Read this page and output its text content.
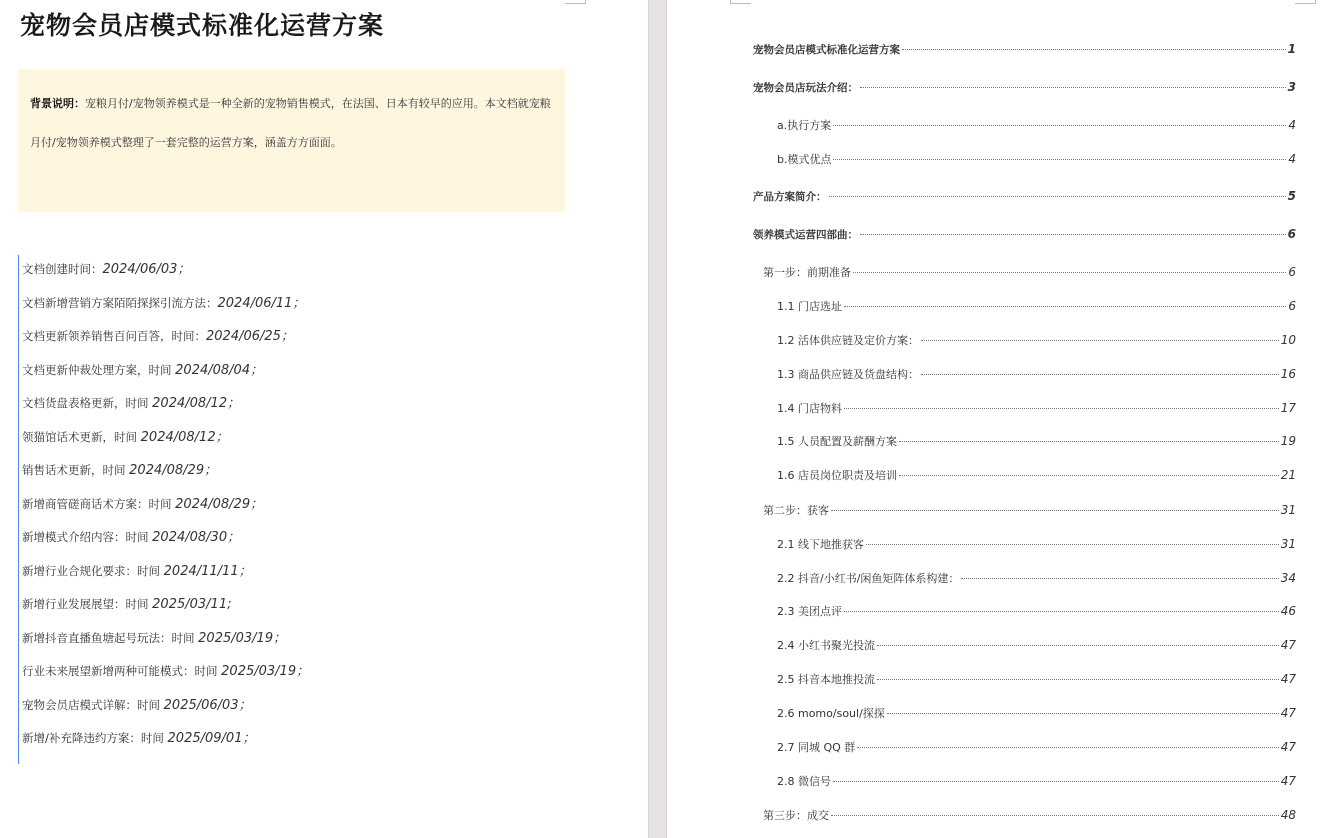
宠物会员店模式标准化运营方案
背景说明：宠粮月付/宠物领养模式是一种全新的宠物销售模式，在法国、日本有较早的应用。本文档就宠粮月付/宠物领养模式整理了一套完整的运营方案，涵盖方方面面。
文档创建时间：2024/06/03；
文档新增营销方案陌陌探探引流方法：2024/06/11；
文档更新领养销售百问百答，时间：2024/06/25；
文档更新仲裁处理方案，时间 2024/08/04；
文档货盘表格更新，时间 2024/08/12；
领猫馆话术更新，时间 2024/08/12；
销售话术更新，时间 2024/08/29；
新增商管磋商话术方案：时间 2024/08/29；
新增模式介绍内容：时间 2024/08/30；
新增行业合规化要求：时间 2024/11/11；
新增行业发展展望：时间 2025/03/11;
新增抖音直播鱼塘起号玩法：时间 2025/03/19；
行业未来展望新增两种可能模式：时间 2025/03/19；
宠物会员店模式详解：时间 2025/06/03；
新增/补充降违约方案：时间 2025/09/01；
宠物会员店模式标准化运营方案	1
宠物会员店玩法介绍：	3
a.执行方案	4
b.模式优点	4
产品方案简介：	5
领养模式运营四部曲：	6
第一步：前期准备	6
1.1 门店选址	6
1.2 活体供应链及定价方案：	10
1.3 商品供应链及货盘结构：	16
1.4 门店物料	17
1.5 人员配置及薪酬方案	19
1.6 店员岗位职责及培训	21
第二步：获客	31
2.1 线下地推获客	31
2.2 抖音/小红书/闲鱼矩阵体系构建：	34
2.3 美团点评	46
2.4 小红书聚光投流	47
2.5 抖音本地推投流	47
2.6 momo/soul/探探	47
2.7 同城 QQ 群	47
2.8 微信号	47
第三步：成交	48
